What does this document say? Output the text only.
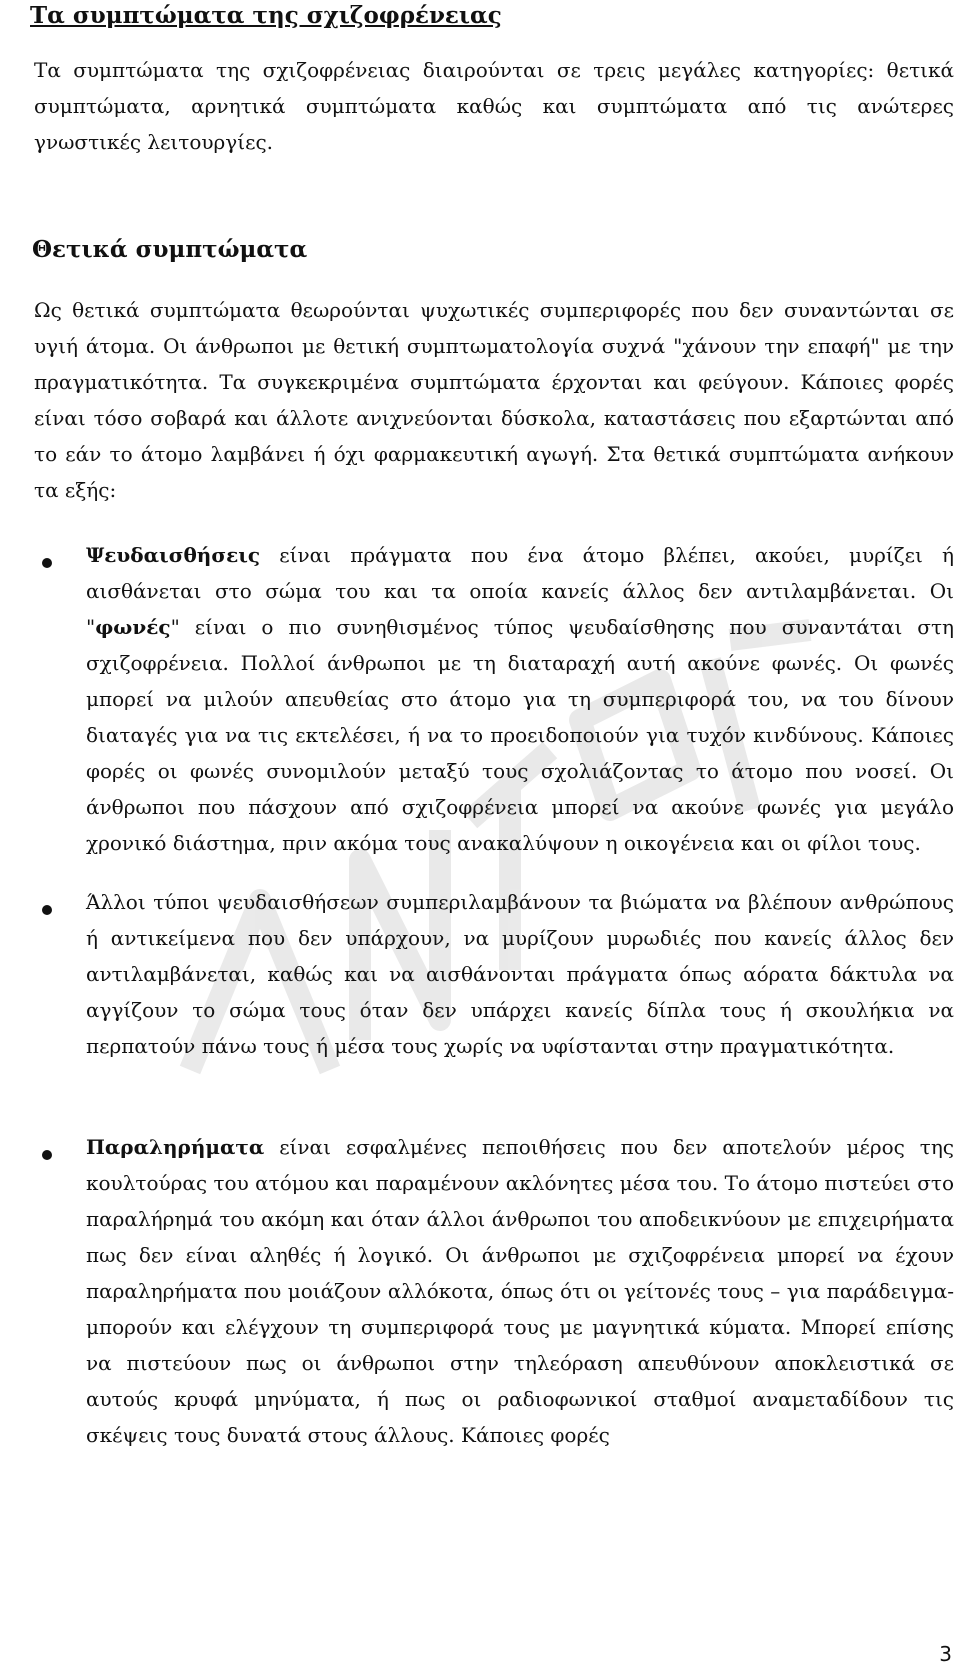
Τα συμπτώματα της σχιζοφρένειας

Τα συμπτώματα της σχιζοφρένειας διαιρούνται σε τρεις μεγάλες κατηγορίες: θετικά συμπτώματα, αρνητικά συμπτώματα καθώς και συμπτώματα από τις ανώτερες γνωστικές λειτουργίες.

Θετικά συμπτώματα

Ως θετικά συμπτώματα θεωρούνται ψυχωτικές συμπεριφορές που δεν συναντώνται σε υγιή άτομα. Οι άνθρωποι με θετική συμπτωματολογία συχνά "χάνουν την επαφή" με την πραγματικότητα. Τα συγκεκριμένα συμπτώματα έρχονται και φεύγουν. Κάποιες φορές είναι τόσο σοβαρά και άλλοτε ανιχνεύονται δύσκολα, καταστάσεις που εξαρτώνται από το εάν το άτομο λαμβάνει ή όχι φαρμακευτική αγωγή. Στα θετικά συμπτώματα ανήκουν τα εξής:

Ψευδαισθήσεις είναι πράγματα που ένα άτομο βλέπει, ακούει, μυρίζει ή αισθάνεται στο σώμα του και τα οποία κανείς άλλος δεν αντιλαμβάνεται. Οι "φωνές" είναι ο πιο συνηθισμένος τύπος ψευδαίσθησης που συναντάται στη σχιζοφρένεια. Πολλοί άνθρωποι με τη διαταραχή αυτή ακούνε φωνές. Οι φωνές μπορεί να μιλούν απευθείας στο άτομο για τη συμπεριφορά του, να του δίνουν διαταγές για να τις εκτελέσει, ή να το προειδοποιούν για τυχόν κινδύνους. Κάποιες φορές οι φωνές συνομιλούν μεταξύ τους σχολιάζοντας το άτομο που νοσεί. Οι άνθρωποι που πάσχουν από σχιζοφρένεια μπορεί να ακούνε φωνές για μεγάλο χρονικό διάστημα, πριν ακόμα τους ανακαλύψουν η οικογένεια και οι φίλοι τους.

Άλλοι τύποι ψευδαισθήσεων συμπεριλαμβάνουν τα βιώματα να βλέπουν ανθρώπους ή αντικείμενα που δεν υπάρχουν, να μυρίζουν μυρωδιές που κανείς άλλος δεν αντιλαμβάνεται, καθώς και να αισθάνονται πράγματα όπως αόρατα δάκτυλα να αγγίζουν το σώμα τους όταν δεν υπάρχει κανείς δίπλα τους ή σκουλήκια να περπατούν πάνω τους ή μέσα τους χωρίς να υφίστανται στην πραγματικότητα.

Παραληρήματα είναι εσφαλμένες πεποιθήσεις που δεν αποτελούν μέρος της κουλτούρας του ατόμου και παραμένουν ακλόνητες μέσα του. Το άτομο πιστεύει στο παραλήρημά του ακόμη και όταν άλλοι άνθρωποι του αποδεικνύουν με επιχειρήματα πως δεν είναι αληθές ή λογικό. Οι άνθρωποι με σχιζοφρένεια μπορεί να έχουν παραληρήματα που μοιάζουν αλλόκοτα, όπως ότι οι γείτονές τους – για παράδειγμα- μπορούν και ελέγχουν τη συμπεριφορά τους με μαγνητικά κύματα. Μπορεί επίσης να πιστεύουν πως οι άνθρωποι στην τηλεόραση απευθύνουν αποκλειστικά σε αυτούς κρυφά μηνύματα, ή πως οι ραδιοφωνικοί σταθμοί αναμεταδίδουν τις σκέψεις τους δυνατά στους άλλους. Κάποιες φορές

3
